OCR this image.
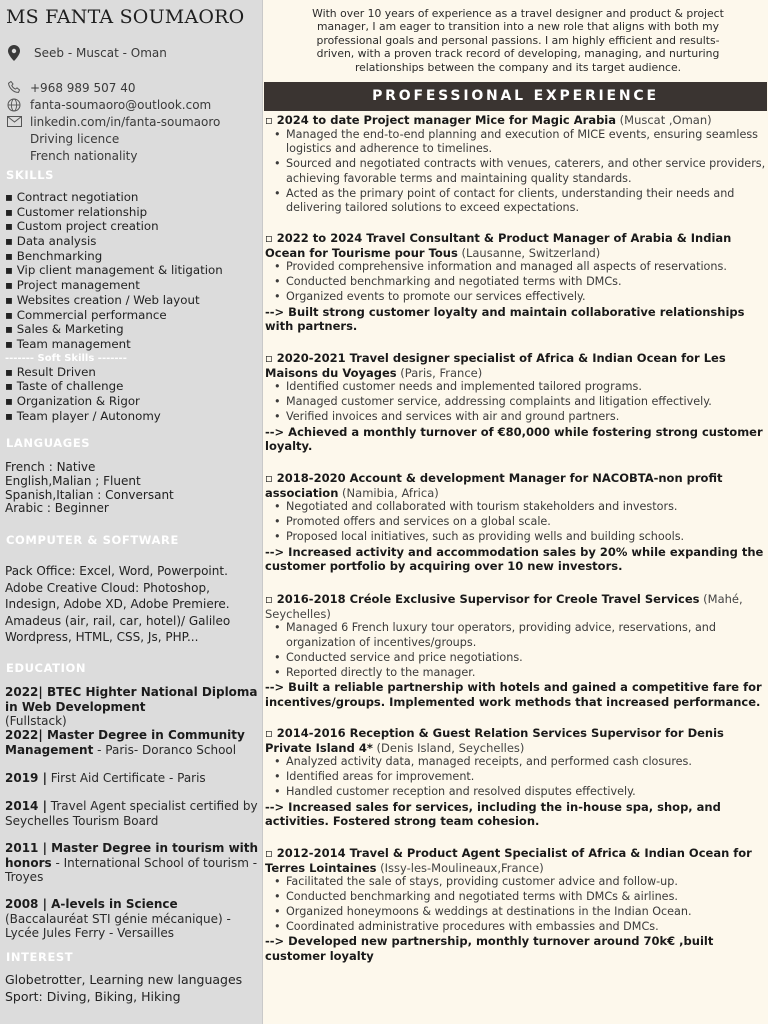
MS FANTA SOUMAORO
Seeb - Muscat - Oman
+968 989 507 40
fanta-soumaoro@outlook.com
linkedin.com/in/fanta-soumaoro
Driving licence
French nationality
SKILLS
▪ Contract negotiation
▪ Customer relationship
▪ Custom project creation
▪ Data analysis
▪ Benchmarking
▪ Vip client management & litigation
▪ Project management
▪ Websites creation / Web layout
▪ Commercial performance
▪ Sales & Marketing
▪ Team management
------- Soft Skills -------
▪ Result Driven
▪ Taste of challenge
▪ Organization & Rigor
▪ Team player / Autonomy
LANGUAGES
French : Native
English,Malian ; Fluent
Spanish,Italian : Conversant
Arabic : Beginner
COMPUTER & SOFTWARE
Pack Office: Excel, Word, Powerpoint.
Adobe Creative Cloud: Photoshop,
Indesign, Adobe XD, Adobe Premiere.
Amadeus (air, rail, car, hotel)/ Galileo
Wordpress, HTML, CSS, Js, PHP...
EDUCATION
2022| BTEC Highter National Diploma in Web Development
(Fullstack)
2022| Master Degree in Community Management - Paris- Doranco School
2019 | First Aid Certificate - Paris
2014 | Travel Agent specialist certified by Seychelles Tourism Board
2011 | Master Degree in tourism with honors - International School of tourism - Troyes
2008 | A-levels in Science
(Baccalauréat STI génie mécanique) - Lycée Jules Ferry - Versailles
INTEREST
Globetrotter, Learning new languages
Sport: Diving, Biking, Hiking
With over 10 years of experience as a travel designer and product & project manager, I am eager to transition into a new role that aligns with both my professional goals and personal passions. I am highly efficient and results-driven, with a proven track record of developing, managing, and nurturing relationships between the company and its target audience.
PROFESSIONAL EXPERIENCE
▫ 2024 to date Project manager Mice for Magic Arabia (Muscat ,Oman)
• Managed the end-to-end planning and execution of MICE events, ensuring seamless logistics and adherence to timelines.
• Sourced and negotiated contracts with venues, caterers, and other service providers, achieving favorable terms and maintaining quality standards.
• Acted as the primary point of contact for clients, understanding their needs and delivering tailored solutions to exceed expectations.
▫ 2022 to 2024 Travel Consultant & Product Manager of Arabia & Indian Ocean for Tourisme pour Tous (Lausanne, Switzerland)
• Provided comprehensive information and managed all aspects of reservations.
• Conducted benchmarking and negotiated terms with DMCs.
• Organized events to promote our services effectively.
--> Built strong customer loyalty and maintain collaborative relationships with partners.
▫ 2020-2021 Travel designer specialist of Africa & Indian Ocean for Les Maisons du Voyages (Paris, France)
• Identified customer needs and implemented tailored programs.
• Managed customer service, addressing complaints and litigation effectively.
• Verified invoices and services with air and ground partners.
--> Achieved a monthly turnover of €80,000 while fostering strong customer loyalty.
▫ 2018-2020 Account & development Manager for NACOBTA-non profit association (Namibia, Africa)
• Negotiated and collaborated with tourism stakeholders and investors.
• Promoted offers and services on a global scale.
• Proposed local initiatives, such as providing wells and building schools.
--> Increased activity and accommodation sales by 20% while expanding the customer portfolio by acquiring over 10 new investors.
▫ 2016-2018 Créole Exclusive Supervisor for Creole Travel Services (Mahé, Seychelles)
• Managed 6 French luxury tour operators, providing advice, reservations, and organization of incentives/groups.
• Conducted service and price negotiations.
• Reported directly to the manager.
--> Built a reliable partnership with hotels and gained a competitive fare for incentives/groups. Implemented work methods that increased performance.
▫ 2014-2016 Reception & Guest Relation Services Supervisor for Denis Private Island 4* (Denis Island, Seychelles)
• Analyzed activity data, managed receipts, and performed cash closures.
• Identified areas for improvement.
• Handled customer reception and resolved disputes effectively.
--> Increased sales for services, including the in-house spa, shop, and activities. Fostered strong team cohesion.
▫ 2012-2014 Travel & Product Agent Specialist of Africa & Indian Ocean for Terres Lointaines (Issy-les-Moulineaux,France)
• Facilitated the sale of stays, providing customer advice and follow-up.
• Conducted benchmarking and negotiated terms with DMCs & airlines.
• Organized honeymoons & weddings at destinations in the Indian Ocean.
• Coordinated administrative procedures with embassies and DMCs.
--> Developed new partnership, monthly turnover around 70k€ ,built customer loyalty
